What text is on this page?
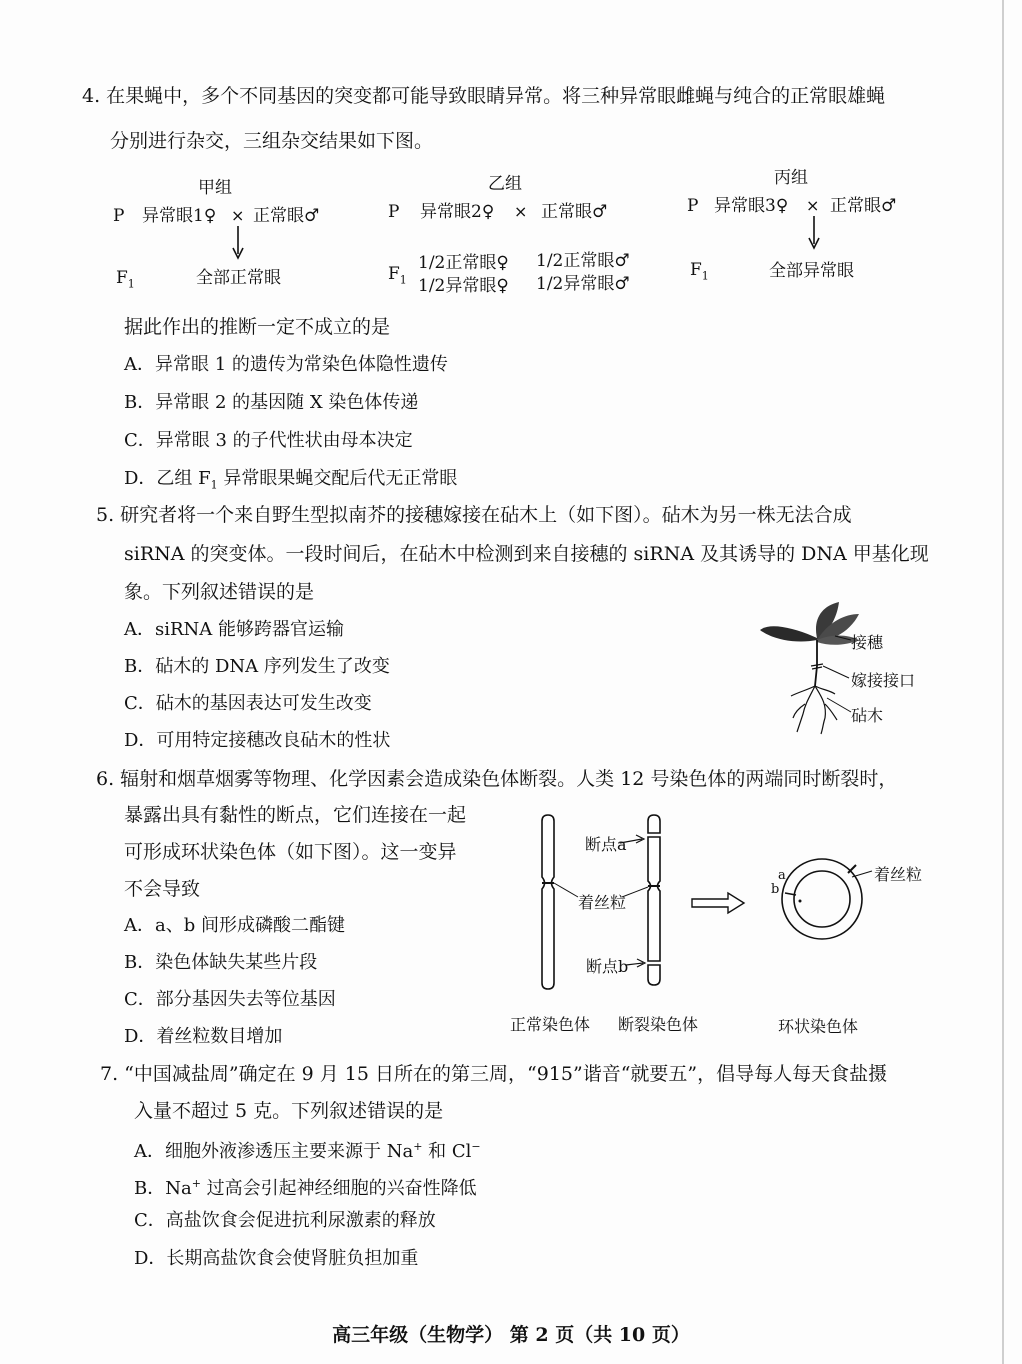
4. 在果蝇中，多个不同基因的突变都可能导致眼睛异常。将三种异常眼雌蝇与纯合的正常眼雄蝇
分别进行杂交，三组杂交结果如下图。
甲组
P 异常眼1♀ × 正常眼♂
$F_1$	全部正常眼
乙组
P 异常眼2♀ × 正常眼♂
$F_1$
1/2正常眼♀ 1/2正常眼♂
1/2异常眼♀ 1/2异常眼♂
丙组
P 异常眼3♀ × 正常眼♂
$F_1$	全部异常眼
据此作出的推断一定不成立的是
A．异常眼 1 的遗传为常染色体隐性遗传
B．异常眼 2 的基因随 X 染色体传递
C．异常眼 3 的子代性状由母本决定
D．乙组 $F_1$ 异常眼果蝇交配后代无正常眼
5. 研究者将一个来自野生型拟南芥的接穗嫁接在砧木上（如下图）。砧木为另一株无法合成
siRNA 的突变体。一段时间后，在砧木中检测到来自接穗的 siRNA 及其诱导的 DNA 甲基化现
象。下列叙述错误的是
A．siRNA 能够跨器官运输
B．砧木的 DNA 序列发生了改变
C．砧木的基因表达可发生改变
D．可用特定接穗改良砧木的性状
接穗
嫁接接口
砧木
6. 辐射和烟草烟雾等物理、化学因素会造成染色体断裂。人类 12 号染色体的两端同时断裂时，
暴露出具有黏性的断点，它们连接在一起
可形成环状染色体（如下图）。这一变异
不会导致
A．a、b 间形成磷酸二酯键
B．染色体缺失某些片段
C．部分基因失去等位基因
D．着丝粒数目增加
断点a
着丝粒
断点b
a
b
着丝粒
正常染色体 断裂染色体	环状染色体
7. “中国减盐周”确定在 9 月 15 日所在的第三周，“915”谐音“就要五”，倡导每人每天食盐摄
入量不超过 5 克。下列叙述错误的是
A．细胞外液渗透压主要来源于 Na+ 和 Cl−
B．Na+ 过高会引起神经细胞的兴奋性降低
C．高盐饮食会促进抗利尿激素的释放
D．长期高盐饮食会使肾脏负担加重
高三年级（生物学） 第 2 页（共 10 页）
